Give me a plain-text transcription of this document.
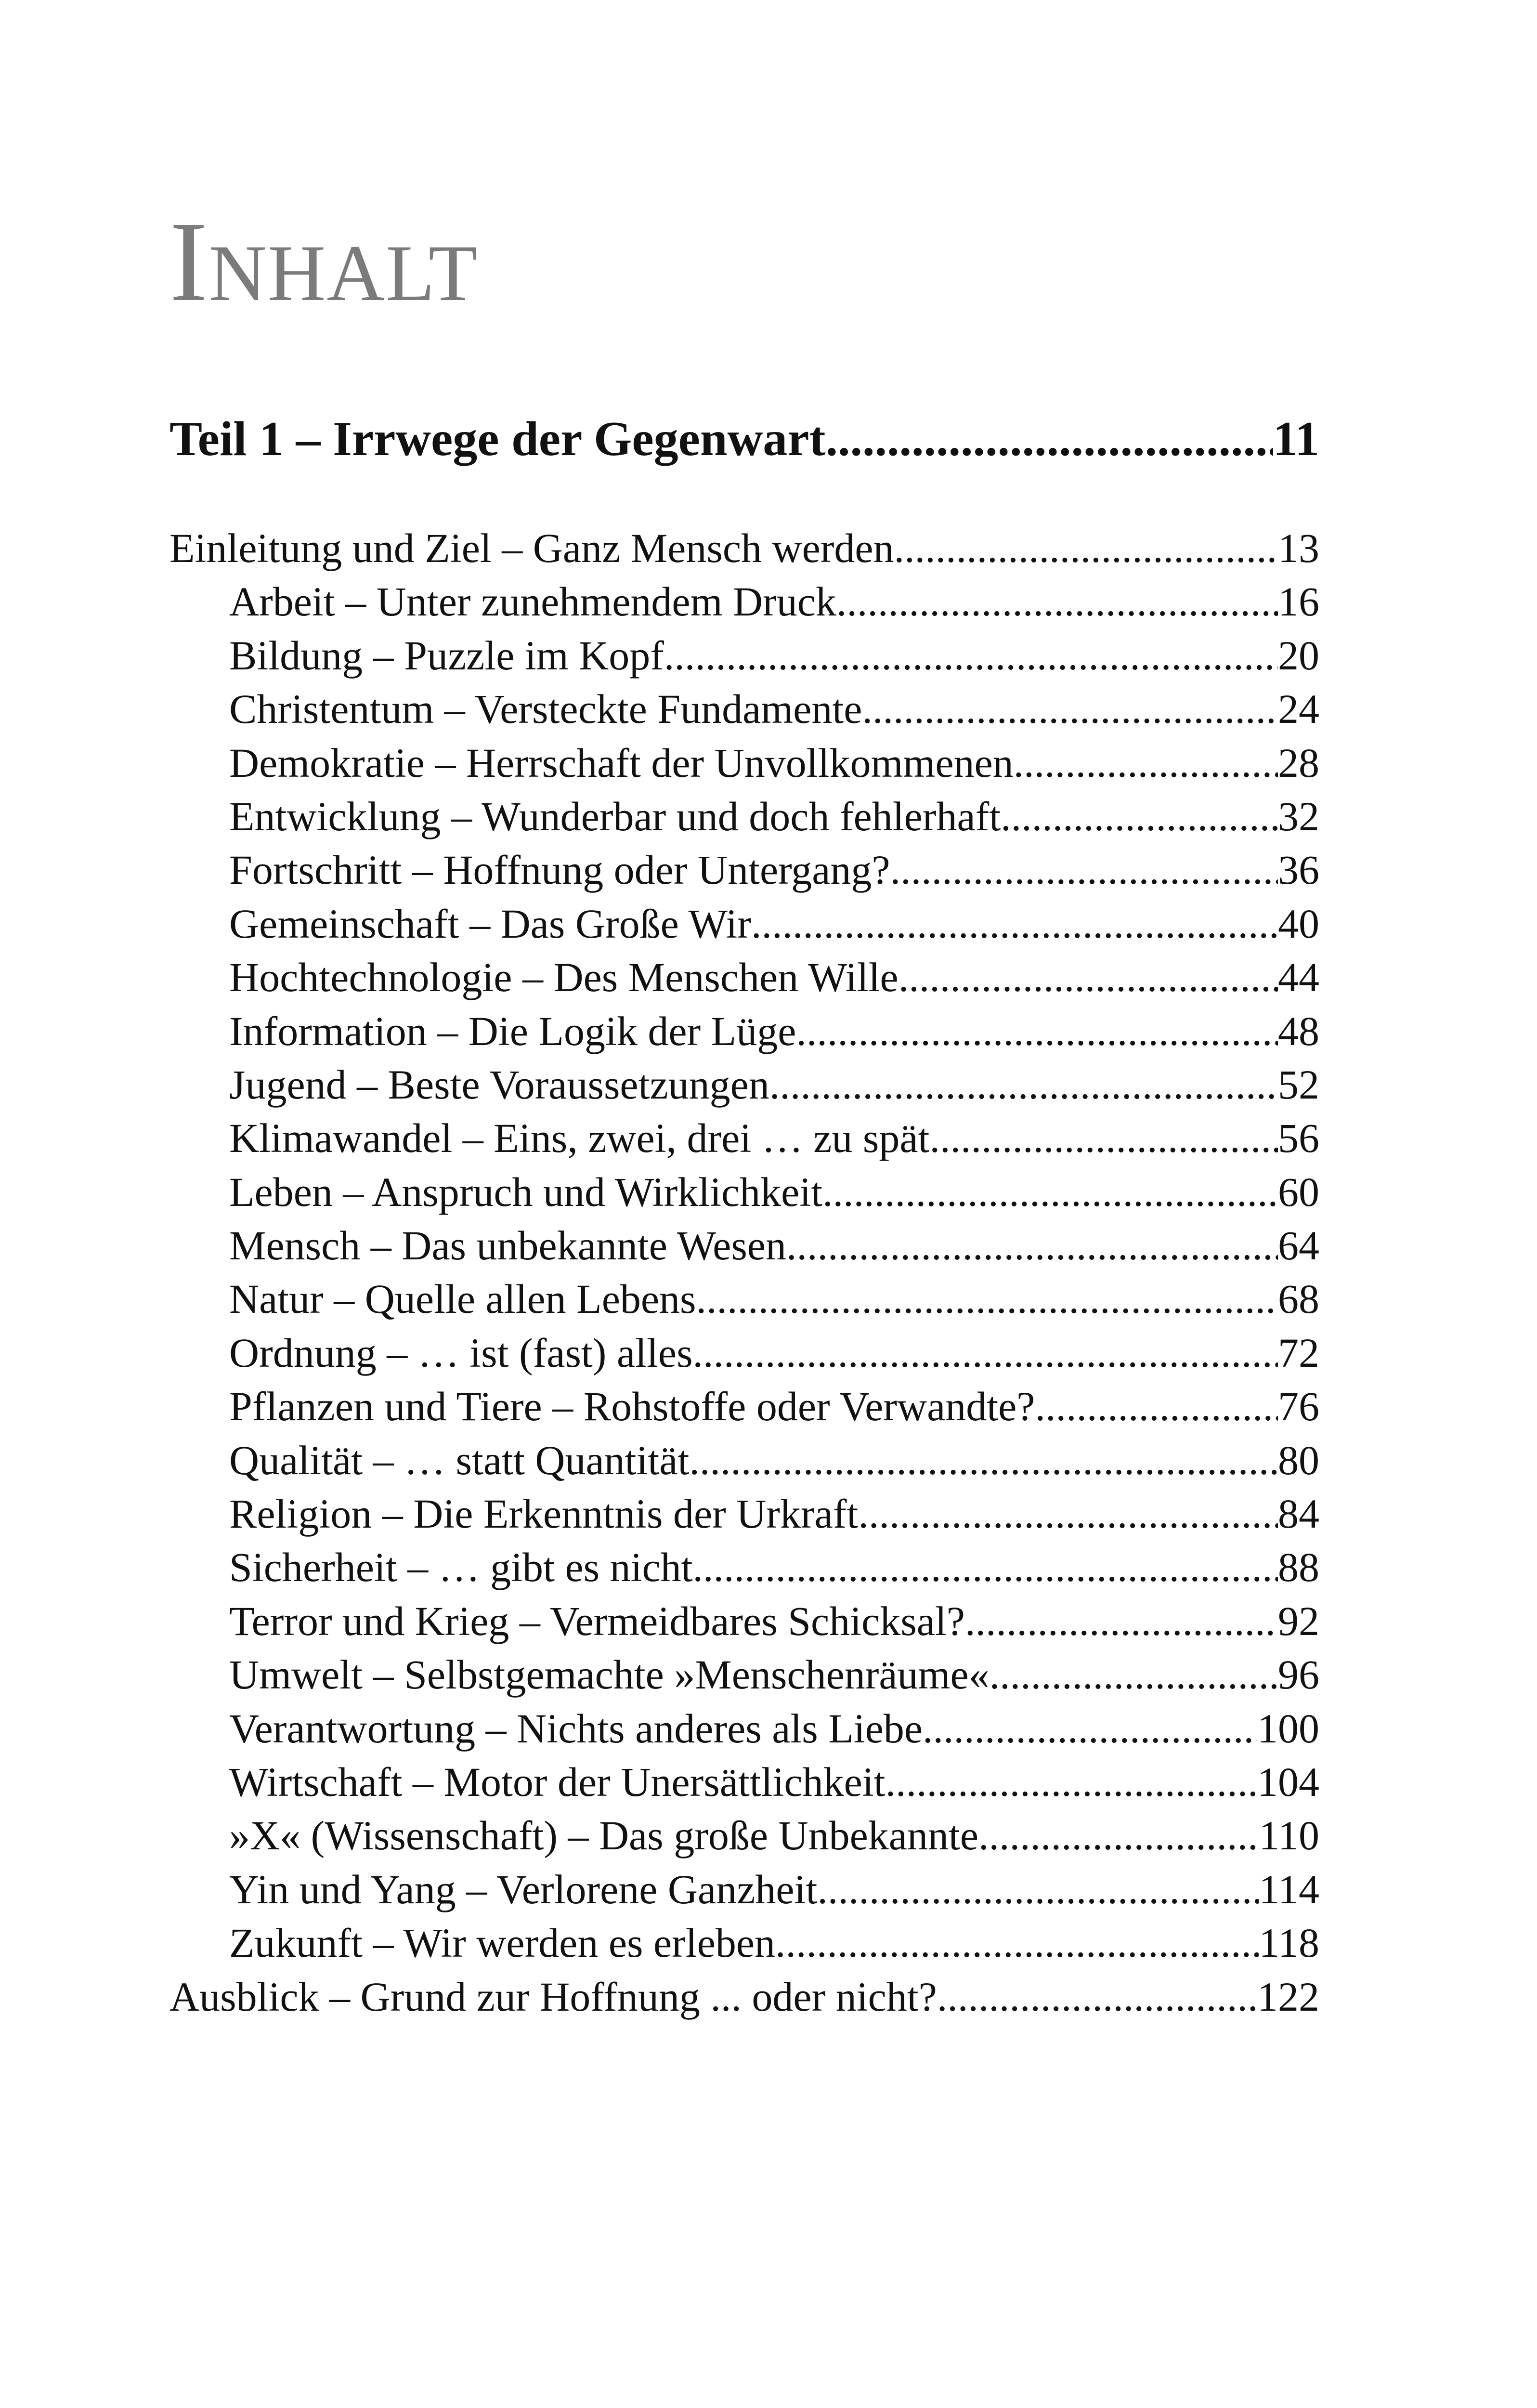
Inhalt
Teil 1 – Irrwege der Gegenwart .....	11
Einleitung und Ziel – Ganz Mensch werden .....	13
Arbeit – Unter zunehmendem Druck .....	16
Bildung – Puzzle im Kopf .....	20
Christentum – Versteckte Fundamente .....	24
Demokratie – Herrschaft der Unvollkommenen .....	28
Entwicklung – Wunderbar und doch fehlerhaft .....	32
Fortschritt – Hoffnung oder Untergang? .....	36
Gemeinschaft – Das Große Wir .....	40
Hochtechnologie – Des Menschen Wille .....	44
Information – Die Logik der Lüge .....	48
Jugend – Beste Voraussetzungen .....	52
Klimawandel – Eins, zwei, drei … zu spät .....	56
Leben – Anspruch und Wirklichkeit .....	60
Mensch – Das unbekannte Wesen .....	64
Natur – Quelle allen Lebens .....	68
Ordnung – … ist (fast) alles .....	72
Pflanzen und Tiere – Rohstoffe oder Verwandte? .....	76
Qualität – … statt Quantität .....	80
Religion – Die Erkenntnis der Urkraft .....	84
Sicherheit – … gibt es nicht .....	88
Terror und Krieg – Vermeidbares Schicksal? .....	92
Umwelt – Selbstgemachte »Menschenräume« .....	96
Verantwortung – Nichts anderes als Liebe .....	100
Wirtschaft – Motor der Unersättlichkeit .....	104
»X« (Wissenschaft) – Das große Unbekannte .....	110
Yin und Yang – Verlorene Ganzheit .....	114
Zukunft – Wir werden es erleben .....	118
Ausblick – Grund zur Hoffnung ... oder nicht? .....	122
